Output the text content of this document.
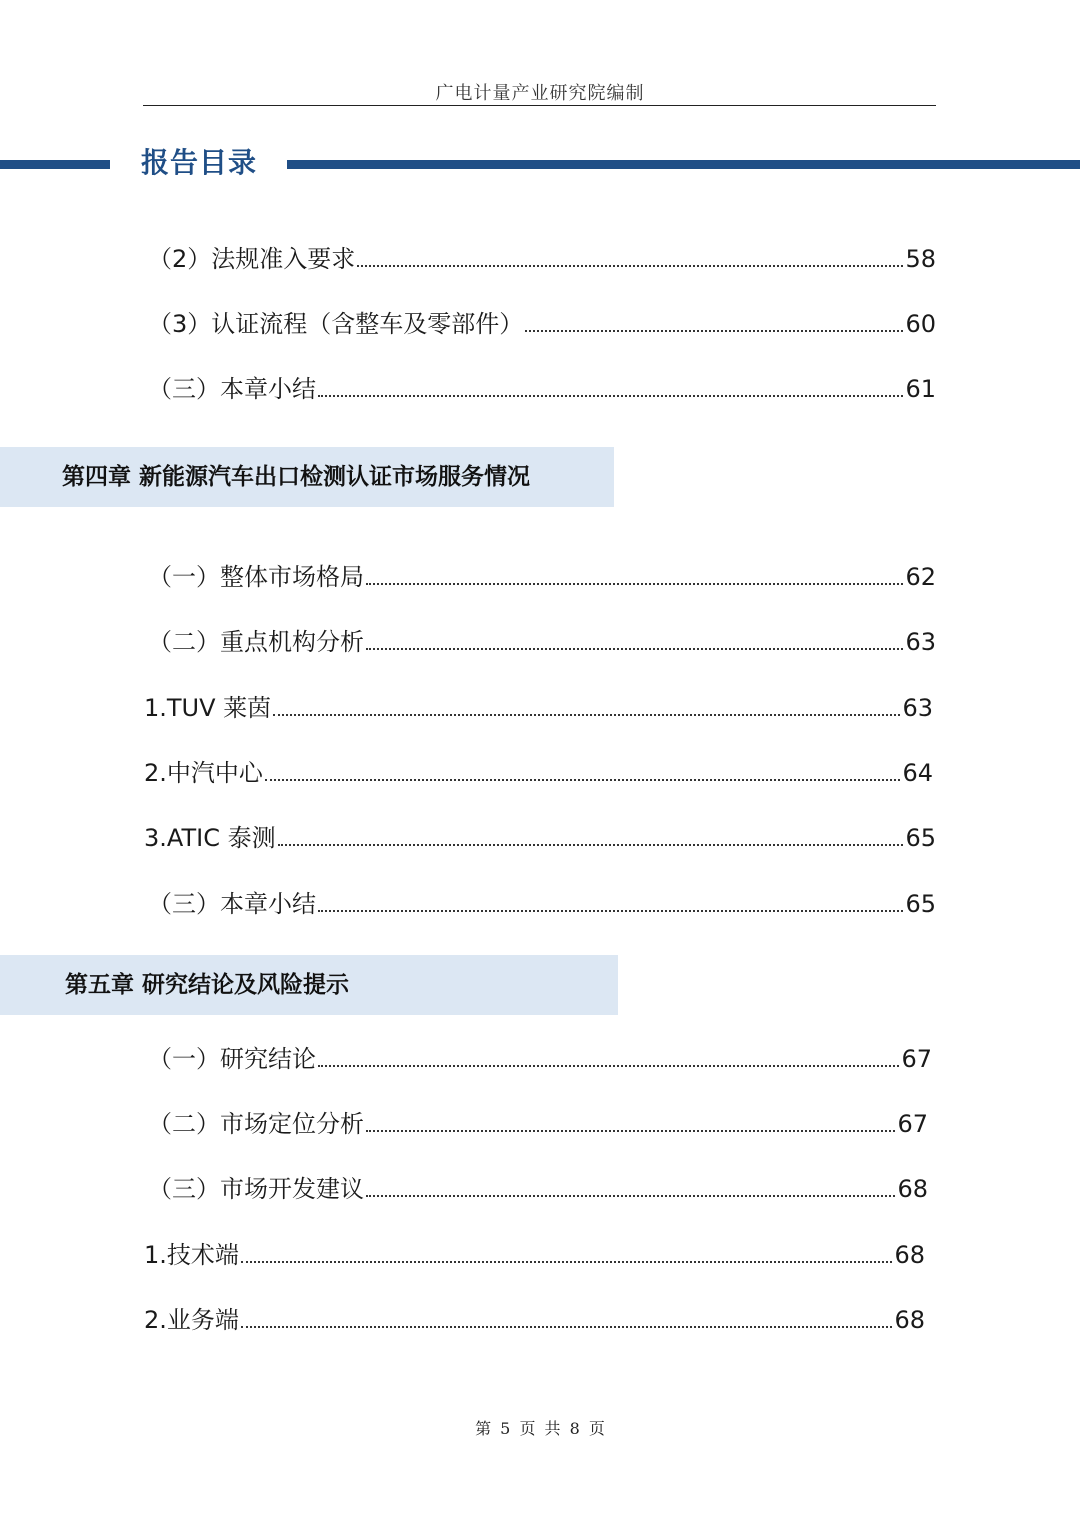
广电计量产业研究院编制
报告目录
（2）法规准入要求	58
（3）认证流程（含整车及零部件）	60
（三）本章小结	61
第四章 新能源汽车出口检测认证市场服务情况
（一）整体市场格局	62
（二）重点机构分析	63
1.TUV 莱茵	63
2.中汽中心	64
3.ATIC 泰测	65
（三）本章小结	65
第五章 研究结论及风险提示
（一）研究结论	67
（二）市场定位分析	67
（三）市场开发建议	68
1.技术端	68
2.业务端	68
第 5 页 共 8 页
